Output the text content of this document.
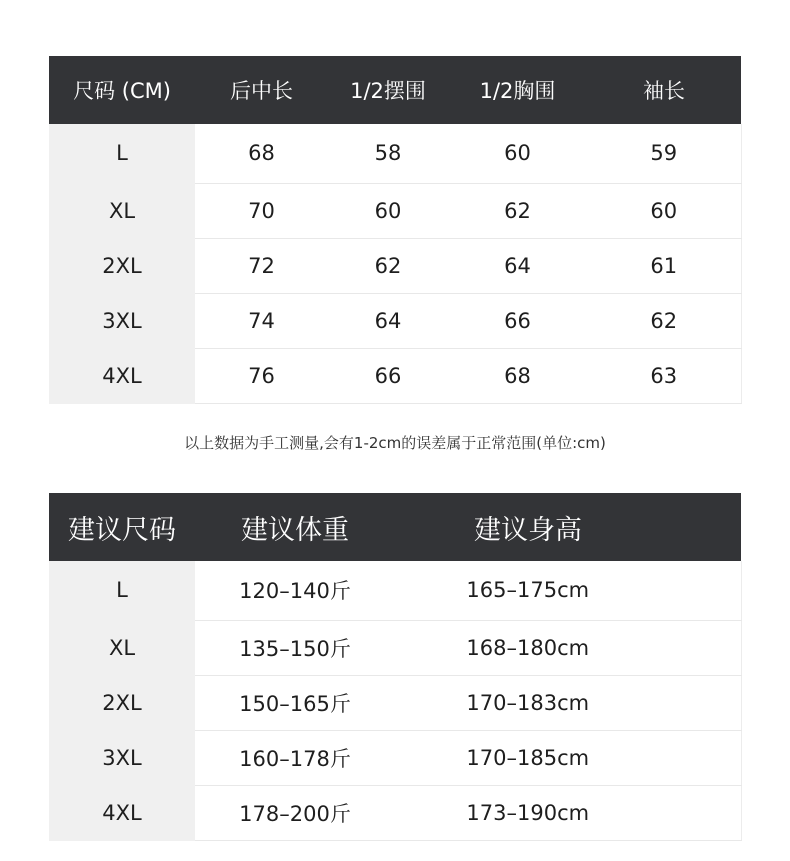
尺码 (CM)	后中长	1/2摆围	1/2胸围	袖长
L	68	58	60	59
XL	70	60	62	60
2XL	72	62	64	61
3XL	74	64	66	62
4XL	76	66	68	63
以上数据为手工测量,会有1-2cm的误差属于正常范围(单位:cm)
建议尺码	建议体重	建议身高
L	120–140斤	165–175cm
XL	135–150斤	168–180cm
2XL	150–165斤	170–183cm
3XL	160–178斤	170–185cm
4XL	178–200斤	173–190cm
